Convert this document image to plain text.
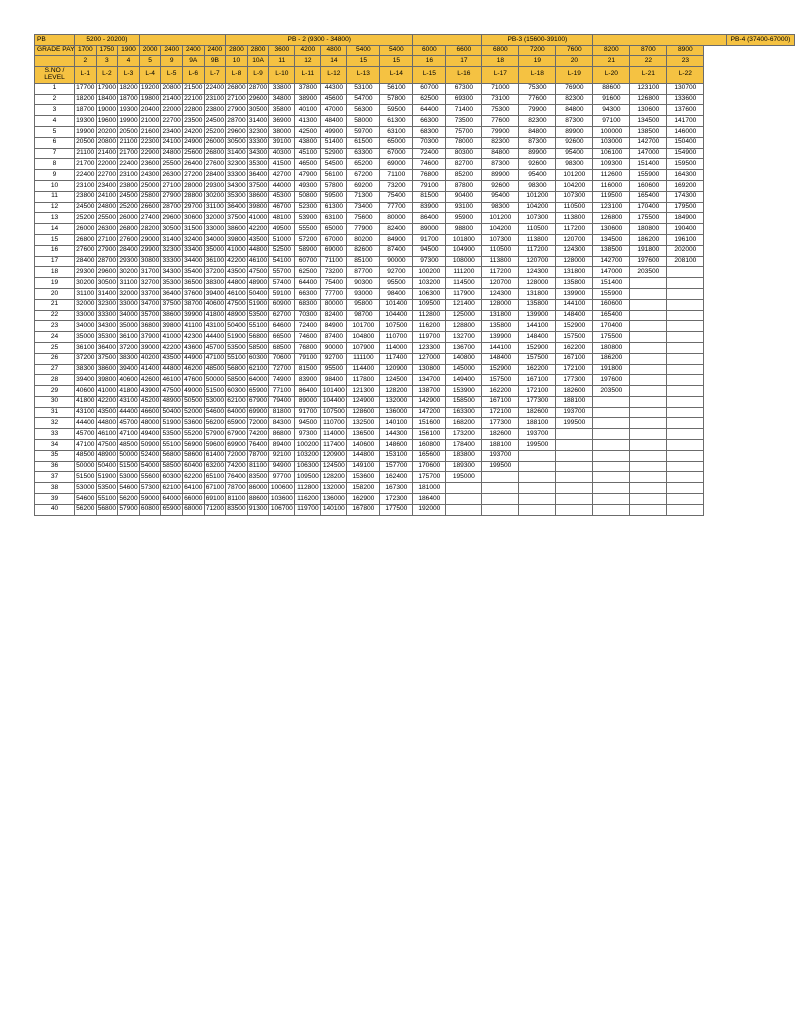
PB	5200 - 20200)							PB - 2 (9300 - 34800)									PB-3 (15600-39100)						PB-4 (37400-67000)
GRADE PAY	1700	1750	1900	2000	2400	2400	2400	2800	2800	3600	4200	4800	5400	5400	6000	6600	6800	7200	7600	8200	8700	8900	
	2	3	4	5	9	9A	9B	10	10A	11	12	14	15	15	16	17	18	19	20	21	22	23	

S.NO /
LEVEL	L-1	L-2	L-3	L-4	L-5	L-6	L-7	L-8	L-9	L-10	L-11	L-12	L-13	L-14	L-15	L-16	L-17	L-18	L-19	L-20	L-21	L-22	
1	17700	17900	18200	19200	20800	21500	22400	26800	28700	33800	37800	44300	53100	56100	60700	67300	71000	75300	76900	88600	123100	130700	
2	18200	18400	18700	19800	21400	22100	23100	27100	29600	34800	38900	45600	54700	57800	62500	69300	73100	77600	82300	91600	126800	133600	
3	18700	19000	19300	20400	22000	22800	23800	27900	30500	35800	40100	47000	56300	59500	64400	71400	75300	79900	84800	94300	130600	137600	
4	19300	19600	19900	21000	22700	23500	24500	28700	31400	36900	41300	48400	58000	61300	66300	73500	77600	82300	87300	97100	134500	141700	
5	19900	20200	20500	21600	23400	24200	25200	29600	32300	38000	42500	49900	59700	63100	68300	75700	79900	84800	89900	100000	138500	146000	
6	20500	20800	21100	22300	24100	24900	26000	30500	33300	39100	43800	51400	61500	65000	70300	78000	82300	87300	92600	103000	142700	150400	
7	21100	21400	21700	22900	24800	25600	26800	31400	34300	40300	45100	52900	63300	67000	72400	80300	84800	89900	95400	106100	147000	154900	
8	21700	22000	22400	23600	25500	26400	27600	32300	35300	41500	46500	54500	65200	69000	74600	82700	87300	92600	98300	109300	151400	159500	
9	22400	22700	23100	24300	26300	27200	28400	33300	36400	42700	47900	56100	67200	71100	76800	85200	89900	95400	101200	112600	155900	164300	
10	23100	23400	23800	25000	27100	28000	29300	34300	37500	44000	49300	57800	69200	73200	79100	87800	92600	98300	104200	116000	160600	169200	
11	23800	24100	24500	25800	27900	28800	30200	35300	38600	45300	50800	59500	71300	75400	81500	90400	95400	101200	107300	119500	165400	174300	
12	24500	24800	25200	26600	28700	29700	31100	36400	39800	46700	52300	61300	73400	77700	83900	93100	98300	104200	110500	123100	170400	179500	
13	25200	25500	26000	27400	29600	30600	32000	37500	41000	48100	53900	63100	75600	80000	86400	95900	101200	107300	113800	126800	175500	184900	
14	26000	26300	26800	28200	30500	31500	33000	38600	42200	49500	55500	65000	77900	82400	89000	98800	104200	110500	117200	130600	180800	190400	
15	26800	27100	27600	29000	31400	32400	34000	39800	43500	51000	57200	67000	80200	84900	91700	101800	107300	113800	120700	134500	186200	196100	
16	27600	27900	28400	29900	32300	33400	35000	41000	44800	52500	58900	69000	82600	87400	94500	104900	110500	117200	124300	138500	191800	202000	
17	28400	28700	29300	30800	33300	34400	36100	42200	46100	54100	60700	71100	85100	90000	97300	108000	113800	120700	128000	142700	197600	208100	
18	29300	29600	30200	31700	34300	35400	37200	43500	47500	55700	62500	73200	87700	92700	100200	111200	117200	124300	131800	147000	203500		
19	30200	30500	31100	32700	35300	36500	38300	44800	48900	57400	64400	75400	90300	95500	103200	114500	120700	128000	135800	151400			
20	31100	31400	32000	33700	36400	37600	39400	46100	50400	59100	66300	77700	93000	98400	106300	117900	124300	131800	139900	155900			
21	32000	32300	33000	34700	37500	38700	40600	47500	51900	60900	68300	80000	95800	101400	109500	121400	128000	135800	144100	160600			
22	33000	33300	34000	35700	38600	39900	41800	48900	53500	62700	70300	82400	98700	104400	112800	125000	131800	139900	148400	165400			
23	34000	34300	35000	36800	39800	41100	43100	50400	55100	64600	72400	84900	101700	107500	116200	128800	135800	144100	152900	170400			
24	35000	35300	36100	37900	41000	42300	44400	51900	56800	66500	74600	87400	104800	110700	119700	132700	139900	148400	157500	175500			
25	36100	36400	37200	39000	42200	43600	45700	53500	58500	68500	76800	90000	107900	114000	123300	136700	144100	152900	162200	180800			
26	37200	37500	38300	40200	43500	44900	47100	55100	60300	70600	79100	92700	111100	117400	127000	140800	148400	157500	167100	186200			
27	38300	38600	39400	41400	44800	46200	48500	56800	62100	72700	81500	95500	114400	120900	130800	145000	152900	162200	172100	191800			
28	39400	39800	40600	42600	46100	47600	50000	58500	64000	74900	83900	98400	117800	124500	134700	149400	157500	167100	177300	197600			
29	40600	41000	41800	43900	47500	49000	51500	60300	65900	77100	86400	101400	121300	128200	138700	153900	162200	172100	182600	203500			
30	41800	42200	43100	45200	48900	50500	53000	62100	67900	79400	89000	104400	124900	132000	142900	158500	167100	177300	188100				
31	43100	43500	44400	46600	50400	52000	54600	64000	69900	81800	91700	107500	128600	136000	147200	163300	172100	182600	193700				
32	44400	44800	45700	48000	51900	53600	56200	65900	72000	84300	94500	110700	132500	140100	151600	168200	177300	188100	199500				
33	45700	46100	47100	49400	53500	55200	57900	67900	74200	86800	97300	114000	136500	144300	156100	173200	182600	193700					
34	47100	47500	48500	50900	55100	56900	59600	69900	76400	89400	100200	117400	140600	148600	160800	178400	188100	199500					
35	48500	48900	50000	52400	56800	58600	61400	72000	78700	92100	103200	120900	144800	153100	165600	183800	193700						
36	50000	50400	51500	54000	58500	60400	63200	74200	81100	94900	106300	124500	149100	157700	170600	189300	199500						
37	51500	51900	53000	55600	60300	62200	65100	76400	83500	97700	109500	128200	153600	162400	175700	195000							
38	53000	53500	54600	57300	62100	64100	67100	78700	86000	100600	112800	132000	158200	167300	181000								
39	54600	55100	56200	59000	64000	66000	69100	81100	88600	103600	116200	136000	162900	172300	186400								
40	56200	56800	57900	60800	65900	68000	71200	83500	91300	106700	119700	140100	167800	177500	192000								
